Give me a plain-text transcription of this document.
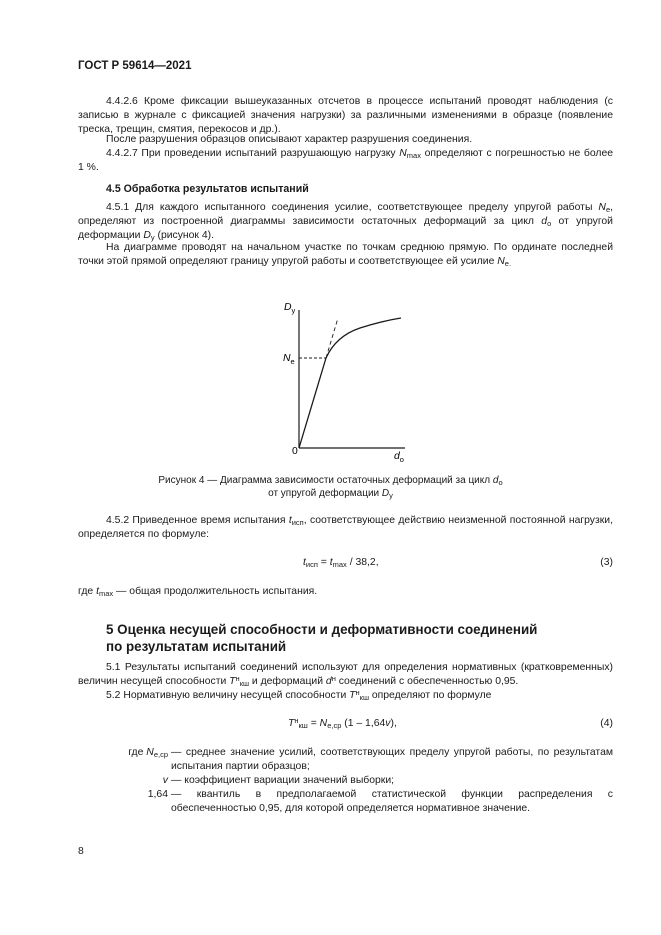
ГОСТ Р 59614—2021
4.4.2.6 Кроме фиксации вышеуказанных отсчетов в процессе испытаний проводят наблюдения (с записью в журнале с фиксацией значения нагрузки) за различными изменениями в образце (появление треска, трещин, смятия, перекосов и др.).
После разрушения образцов описывают характер разрушения соединения.
4.4.2.7 При проведении испытаний разрушающую нагрузку $N_{max}$ определяют с погрешностью не более 1 %.
4.5 Обработка результатов испытаний
4.5.1 Для каждого испытанного соединения усилие, соответствующее пределу упругой работы $N_e$, определяют из построенной диаграммы зависимости остаточных деформаций за цикл $d_o$ от упругой деформации $D_y$ (рисунок 4).
На диаграмме проводят на начальном участке по точкам среднюю прямую. По ординате последней точки этой прямой определяют границу упругой работы и соответствующее ей усилие $N_{e.}$
$D_y$
$N_e$
0	$d_o$
Рисунок 4 — Диаграмма зависимости остаточных деформаций за цикл $d_o$
от упругой деформации $D_y$
4.5.2 Приведенное время испытания $t_{исп}$, соответствующее действию неизменной постоянной нагрузки, определяется по формуле:
$t_{исп} = t_{max} / 38,2$,	(3)
где $t_{max}$ — общая продолжительность испытания.
5 Оценка несущей способности и деформативности соединений
по результатам испытаний
5.1 Результаты испытаний соединений используют для определения нормативных (кратковременных) величин несущей способности $T^н_{кш}$ и деформаций $d^н$ соединений с обеспеченностью 0,95.
5.2 Нормативную величину несущей способности $T^н_{кш}$ определяют по формуле
$T^н_{кш} = N_{e,ср}$ (1 – 1,64v),	(4)
где $N_{e,ср}$ — среднее значение усилий, соответствующих пределу упругой работы, по результатам испытания партии образцов;
v — коэффициент вариации значений выборки;
1,64 — квантиль в предполагаемой статистической функции распределения с обеспеченностью 0,95, для которой определяется нормативное значение.
8
